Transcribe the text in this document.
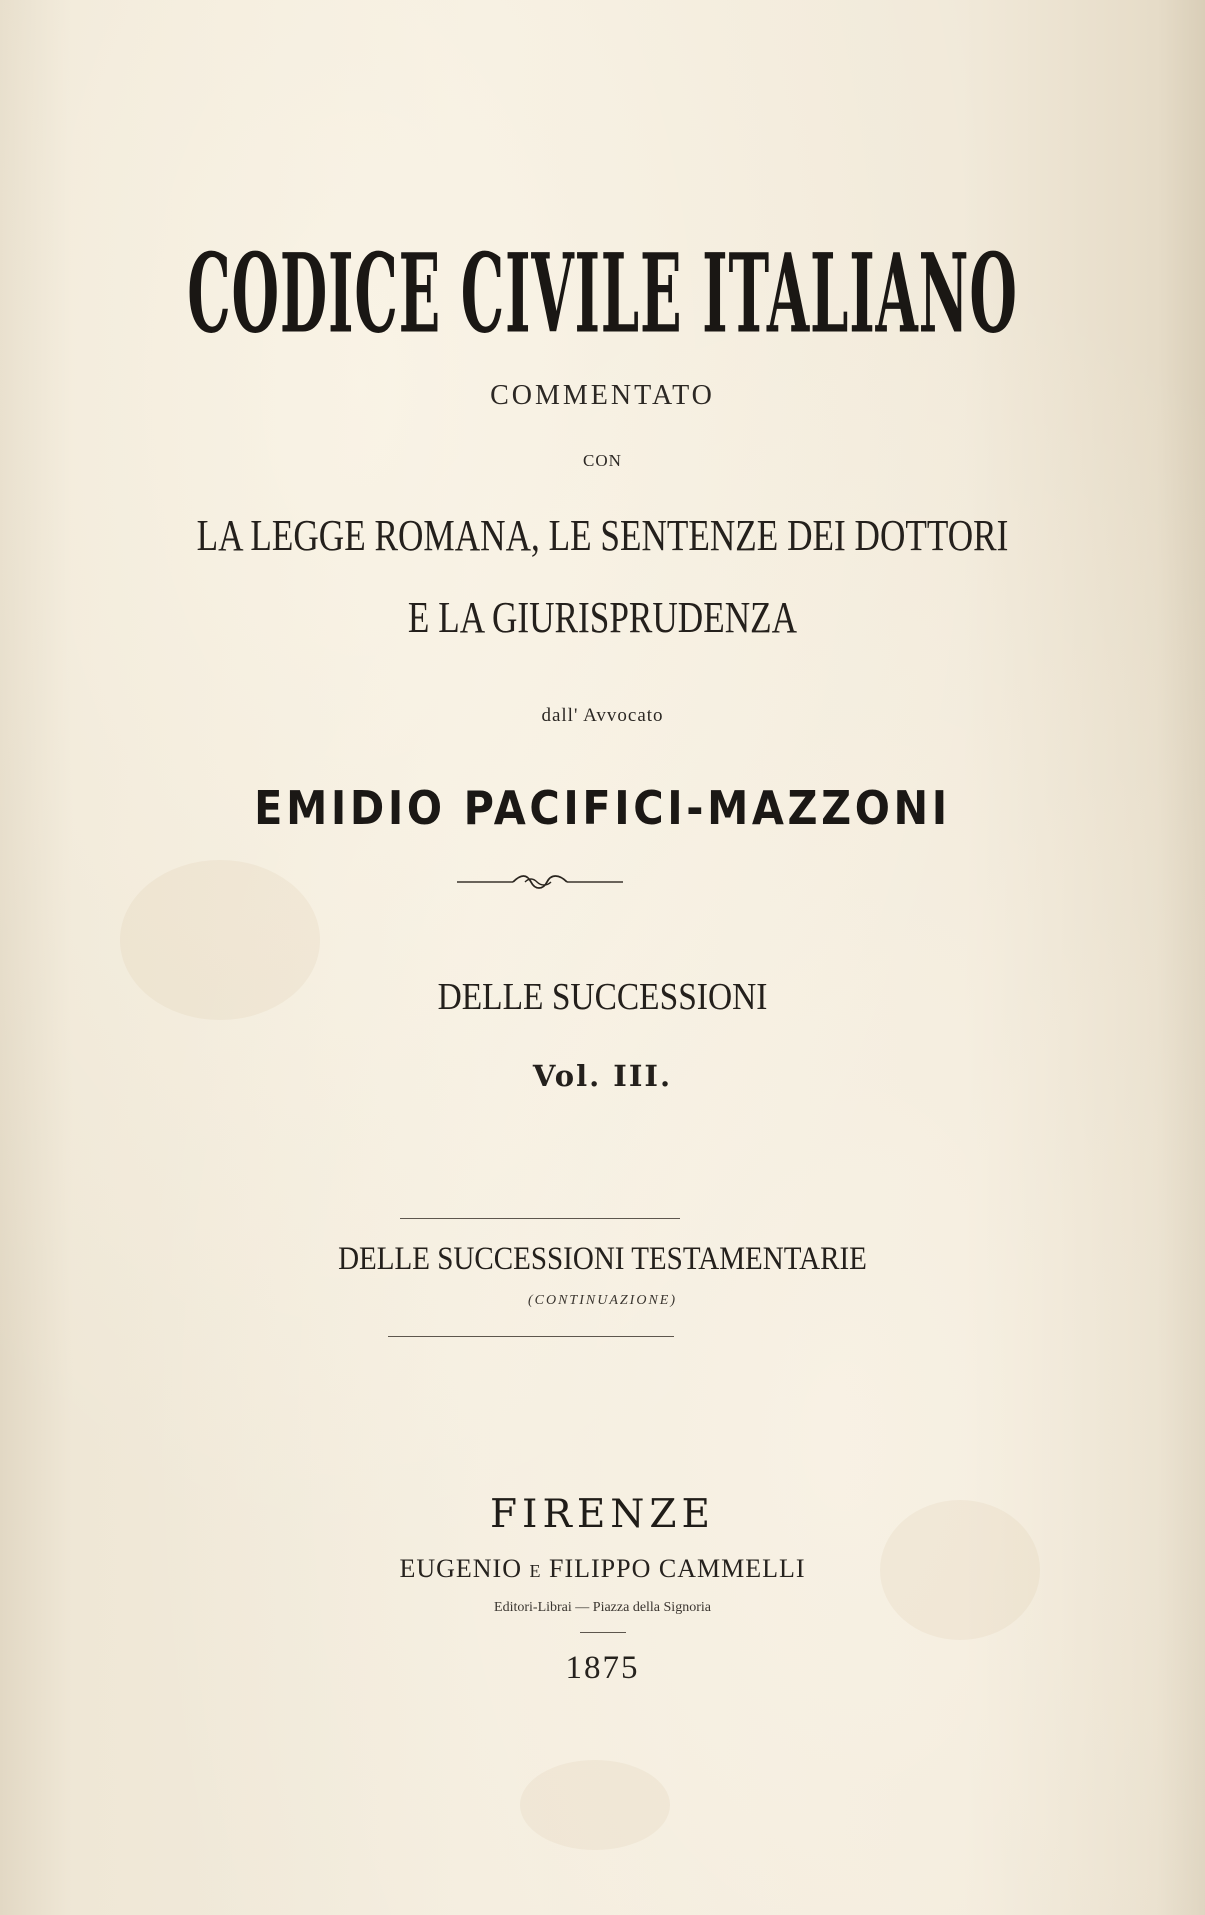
CODICE CIVILE ITALIANO
COMMENTATO
CON
LA LEGGE ROMANA, LE SENTENZE DEI DOTTORI
E LA GIURISPRUDENZA
dall' Avvocato
EMIDIO PACIFICI-MAZZONI
DELLE SUCCESSIONI
Vol. III.
DELLE SUCCESSIONI TESTAMENTARIE
(CONTINUAZIONE)
FIRENZE
EUGENIO E FILIPPO CAMMELLI
Editori-Librai — Piazza della Signoria
1875
